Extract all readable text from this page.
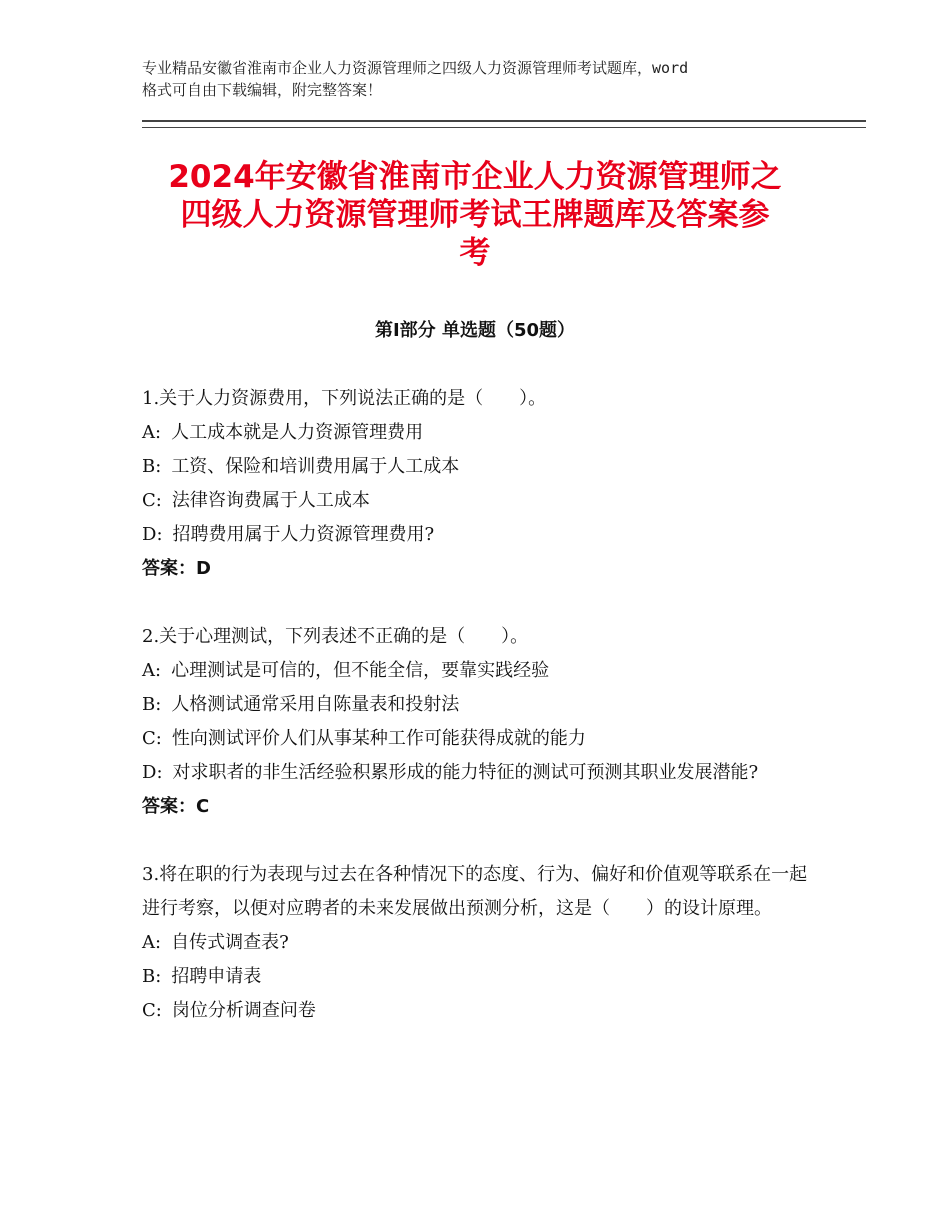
专业精品安徽省淮南市企业人力资源管理师之四级人力资源管理师考试题库，word
格式可自由下载编辑，附完整答案！
2024年安徽省淮南市企业人力资源管理师之
四级人力资源管理师考试王牌题库及答案参
考
第Ⅰ部分 单选题（50题）

1.关于人力资源费用，下列说法正确的是（　　）。

A : 人工成本就是人力资源管理费用

B : 工资、保险和培训费用属于人工成本

C : 法律咨询费属于人工成本

D : 招聘费用属于人力资源管理费用?

答案：D

2.关于心理测试，下列表述不正确的是（　　）。

A : 心理测试是可信的，但不能全信，要靠实践经验

B : 人格测试通常采用自陈量表和投射法

C : 性向测试评价人们从事某种工作可能获得成就的能力

D : 对求职者的非生活经验积累形成的能力特征的测试可预测其职业发展潜能?

答案：C

3.将在职的行为表现与过去在各种情况下的态度、行为、偏好和价值观等联系在一起进行考察，以便对应聘者的未来发展做出预测分析，这是（　　）的设计原理。

A : 自传式调查表?

B : 招聘申请表

C : 岗位分析调查问卷
